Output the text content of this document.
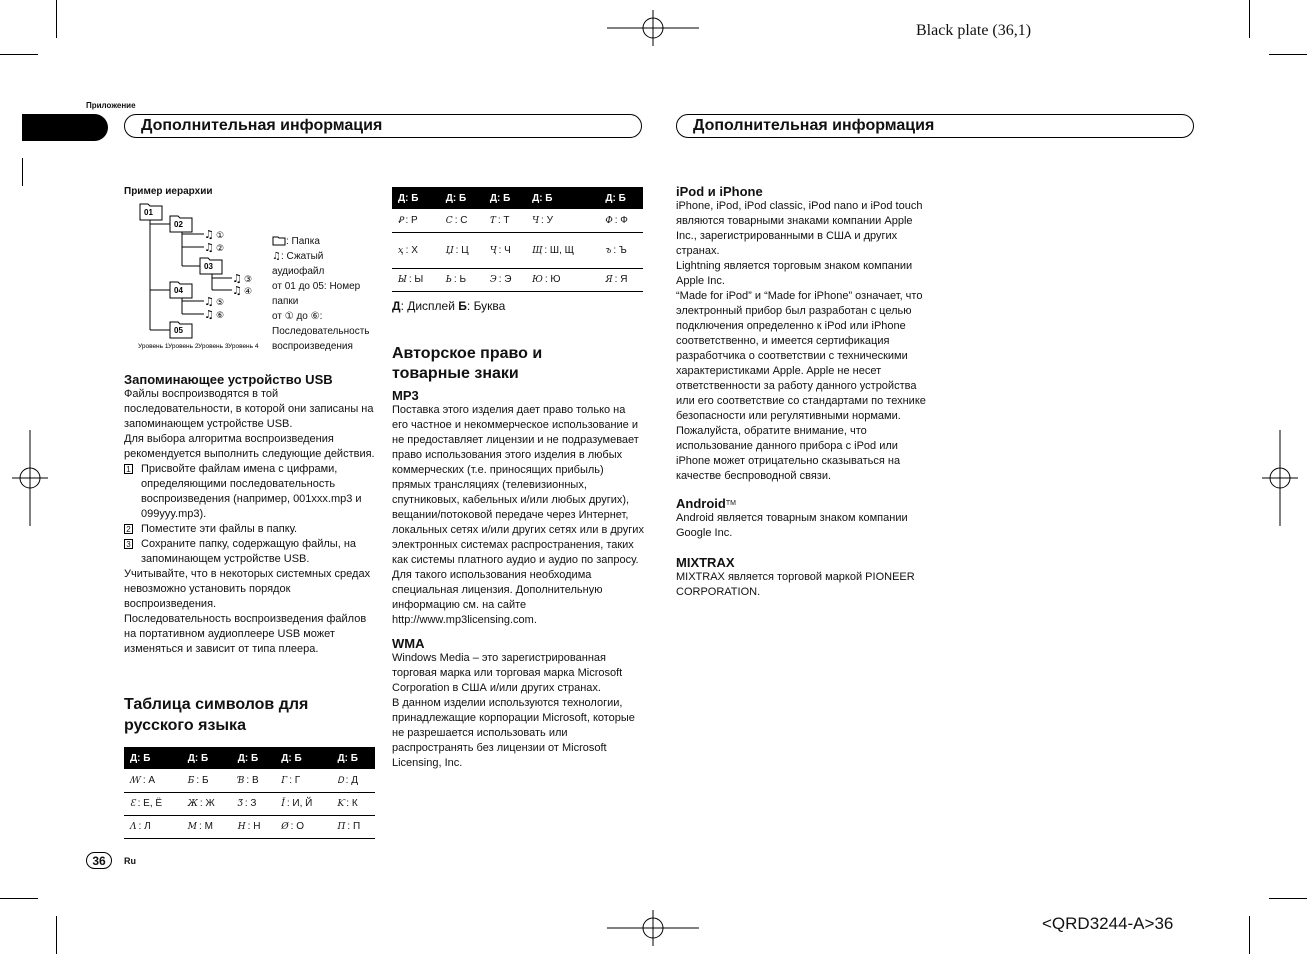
Black plate (36,1)
<QRD3244-A>36
Приложение
Дополнительная информация	Дополнительная информация
Пример иерархии
01
02
03
04
05
♫ ①
♫ ②
♫ ③
♫ ④
♫ ⑤
♫ ⑥
Уровень 1 Уровень 2 Уровень 3 Уровень 4
: Папка
♫: Сжатый аудиофайл
от 01 до 05: Номер папки
от ① до ⑥: Последовательность воспроизведения

Запоминающее устройство USB

Файлы воспроизводятся в той последовательности, в которой они записаны на запоминающем устройстве USB.

Для выбора алгоритма воспроизведения рекомендуется выполнить следующие действия.

1 Присвойте файлам имена с цифрами, определяющими последовательность воспроизведения (например, 001xxx.mp3 и 099yyy.mp3).
2 Поместите эти файлы в папку.
3 Сохраните папку, содержащую файлы, на запоминающем устройстве USB.

Учитывайте, что в некоторых системных средах невозможно установить порядок воспроизведения.

Последовательность воспроизведения файлов на портативном аудиоплеере USB может изменяться и зависит от типа плеера.

Таблица символов для
русского языка
Д: Б	Д: Б	Д: Б	Д: Б	Д: Б
ꟿ : А	Ƃ : Б	Ɓ : В	Г : Г	Ꭰ : Д
Ɛ : Е, Ё	Ж : Ж	Ʒ : З	Ǐ : И, Й	Ƙ : К
Λ : Л	М : М	Н : Н	Ø : О	П : П
Д: Б	Д: Б	Д: Б	Д: Б	Д: Б
Ꝑ : Р	Ϲ : С	Ƭ : Т	Ч : У	Φ : Ф
ҳ : Х	Џ : Ц	Ҷ : Ч	Щ : Ш, Щ	ъ : Ъ
Ы : Ы	Ь : Ь	Э : Э	Ю : Ю	Я : Я
Д: Дисплей Б: Буква

Авторское право и

товарные знаки

MP3

Поставка этого изделия дает право только на его частное и некоммерческое использование и не предоставляет лицензии и не подразумевает право использования этого изделия в любых коммерческих (т.е. приносящих прибыль) прямых трансляциях (телевизионных, спутниковых, кабельных и/или любых других), вещании/потоковой передаче через Интернет, локальных сетях и/или других сетях или в других электронных системах распространения, таких как системы платного аудио и аудио по запросу. Для такого использования необходима специальная лицензия. Дополнительную информацию см. на сайте

http://www.mp3licensing.com.

WMA

Windows Media – это зарегистрированная торговая марка или торговая марка Microsoft Corporation в США и/или других странах.

В данном изделии используются технологии, принадлежащие корпорации Microsoft, которые не разрешается использовать или распространять без лицензии от Microsoft Licensing, Inc.

iPod и iPhone

iPhone, iPod, iPod classic, iPod nano и iPod touch являются товарными знаками компании Apple Inc., зарегистрированными в США и других странах.

Lightning является торговым знаком компании Apple Inc.

“Made for iPod” и “Made for iPhone” означает, что электронный прибор был разработан с целью подключения определенно к iPod или iPhone соответственно, и имеется сертификация разработчика о соответствии с техническими характеристиками Apple. Apple не несет ответственности за работу данного устройства или его соответствие со стандартами по технике безопасности или регулятивными нормами. Пожалуйста, обратите внимание, что использование данного прибора с iPod или iPhone может отрицательно сказываться на качестве беспроводной связи.

Android™

Android является товарным знаком компании Google Inc.

MIXTRAX

MIXTRAX является торговой маркой PIONEER CORPORATION.

36	Ru
